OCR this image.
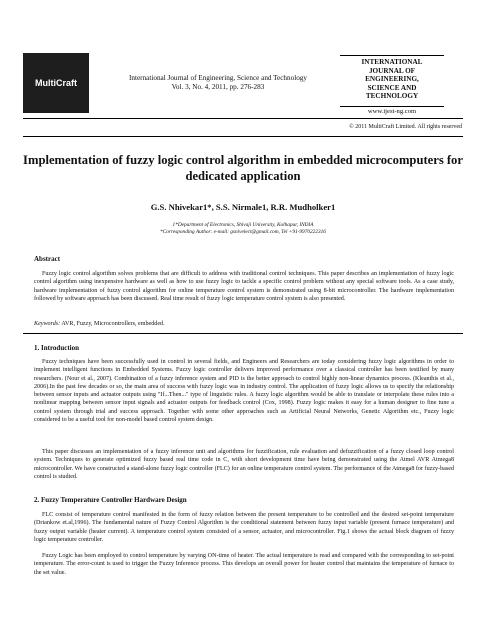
MultiCraft	International Journal of Engineering, Science and Technology
Vol. 3, No. 4, 2011, pp. 276-283
INTERNATIONAL
JOURNAL OF
ENGINEERING,
SCIENCE AND
TECHNOLOGY
www.ijest-ng.com
© 2011 MultiCraft Limited. All rights reserved
Implementation of fuzzy logic control algorithm in embedded microcomputers for dedicated application
G.S. Nhivekar1*, S.S. Nirmale1, R.R. Mudholker1
1*Department of Electronics, Shivaji University, Kolhapur, INDIA
*Corresponding Author: e-mail: gsnivelect@gmail.com, Tel +91-9970222316
Abstract
Fuzzy logic control algorithm solves problems that are difficult to address with traditional control techniques. This paper describes an implementation of fuzzy logic control algorithm using inexpensive hardware as well as how to use fuzzy logic to tackle a specific control problem without any special software tools. As a case study, hardware implementation of fuzzy control algorithm for online temperature control system is demonstrated using 8-bit microcontroller. The hardware implementation followed by software approach has been discussed. Real time result of fuzzy logic temperature control system is also presented.
Keywords: AVR, Fuzzy, Microcontrollers, embedded.
1. Introduction
Fuzzy techniques have been successfully used in control in several fields, and Engineers and Researchers are today considering fuzzy logic algorithms in order to implement intelligent functions in Embedded Systems. Fuzzy logic controller delivers improved performance over a classical controller has been testified by many researchers. (Nour et al., 2007). Combination of a fuzzy inference system and PID is the better approach to control highly non-linear dynamics process. (Kleanthis et al., 2006).In the past few decades or so, the main area of success with fuzzy logic was in industry control. The application of fuzzy logic allows us to specify the relationship between sensor inputs and actuator outputs using "If...Then..." type of linguistic rules. A fuzzy logic algorithm would be able to translate or interpolate these rules into a nonlinear mapping between sensor input signals and actuator outputs for feedback control (Cox, 1998). Fuzzy logic makes it easy for a human designer to fine tune a control system through trial and success approach. Together with some other approaches such as Artificial Neural Networks, Genetic Algorithm etc., Fuzzy logic considered to be a useful tool for non-model based control system design.
This paper discusses an implementation of a fuzzy inference unit and algorithms for fuzzification, rule evaluation and defuzzification of a fuzzy closed loop control system. Techniques to generate optimized fuzzy based real time code in C, with short development time have being demonstrated using the Atmel AVR Atmega8 microcontroller. We have constructed a stand-alone fuzzy logic controller (FLC) for an online temperature control system. The performance of the Atmega8 for fuzzy-based control is studied.
2. Fuzzy Temperature Controller Hardware Design
FLC consist of temperature control manifested in the form of fuzzy relation between the present temperature to be controlled and the desired set-point temperature (Driankow et.al,1996). The fundamental nature of Fuzzy Control Algorithm is the conditional statement between fuzzy input variable (present furnace temperature) and fuzzy output variable (heater current). A temperature control system consisted of a sensor, actuator, and microcontroller. Fig.1 shows the actual block diagram of fuzzy logic temperature controller.
Fuzzy Logic has been employed to control temperature by varying ON-time of heater. The actual temperature is read and compared with the corresponding to set-point temperature. The error-count is used to trigger the Fuzzy Inference process. This develops an overall power for heater control that maintains the temperature of furnace to the set value.
